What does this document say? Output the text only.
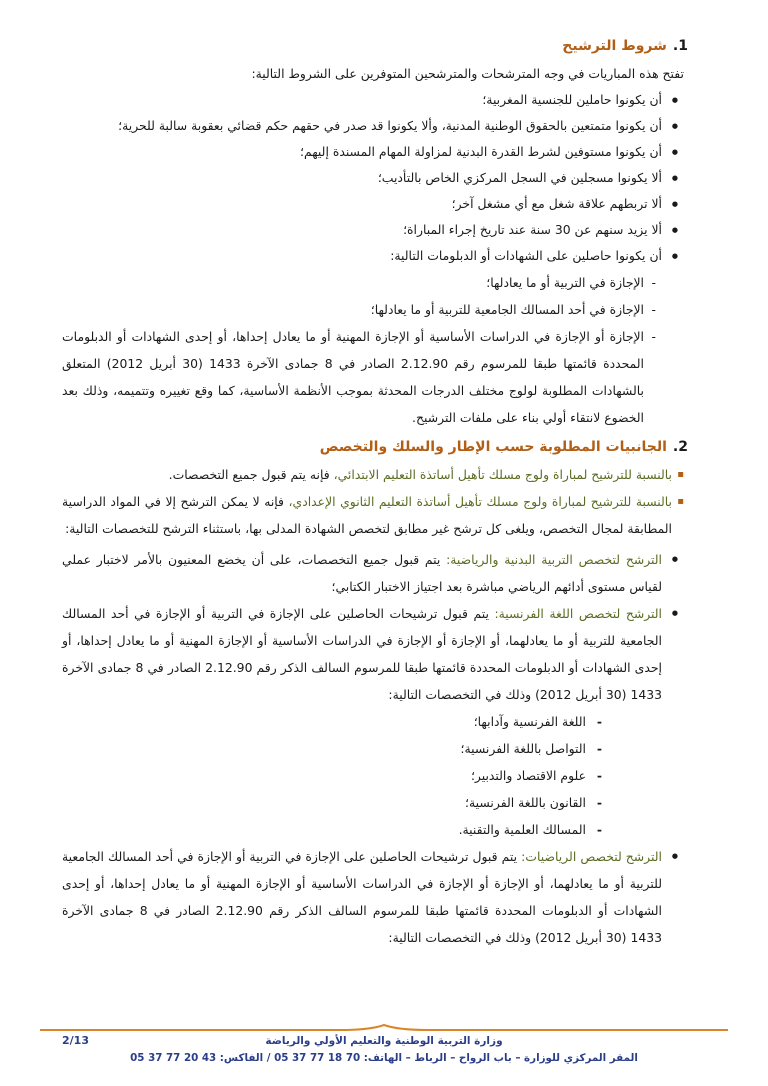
1.شروط الترشيح

تفتح هذه المباريات في وجه المترشحات والمترشحين المتوفرين على الشروط التالية:

● أن يكونوا حاملين للجنسية المغربية؛
● أن يكونوا متمتعين بالحقوق الوطنية المدنية، وألا يكونوا قد صدر في حقهم حكم قضائي بعقوبة سالبة للحرية؛
● أن يكونوا مستوفين لشرط القدرة البدنية لمزاولة المهام المسندة إليهم؛
● ألا يكونوا مسجلين في السجل المركزي الخاص بالتأديب؛
● ألا تربطهم علاقة شغل مع أي مشغل آخر؛
● ألا يزيد سنهم عن 30 سنة عند تاريخ إجراء المباراة؛
● أن يكونوا حاصلين على الشهادات أو الدبلومات التالية:
- الإجازة في التربية أو ما يعادلها؛
- الإجازة في أحد المسالك الجامعية للتربية أو ما يعادلها؛
- الإجازة أو الإجازة في الدراسات الأساسية أو الإجازة المهنية أو ما يعادل إحداها، أو إحدى الشهادات أو الدبلومات المحددة قائمتها طبقا للمرسوم رقم 2.12.90 الصادر في 8 جمادى الآخرة 1433 (30 أبريل 2012) المتعلق بالشهادات المطلوبة لولوج مختلف الدرجات المحدثة بموجب الأنظمة الأساسية، كما وقع تغييره وتتميمه، وذلك بعد الخضوع لانتقاء أولي بناء على ملفات الترشيح.
2.الجانبيات المطلوبة حسب الإطار والسلك والتخصص
▪ بالنسبة للترشيح لمباراة ولوج مسلك تأهيل أساتذة التعليم الابتدائي، فإنه يتم قبول جميع التخصصات.
▪ بالنسبة للترشيح لمباراة ولوج مسلك تأهيل أساتذة التعليم الثانوي الإعدادي، فإنه لا يمكن الترشح إلا في المواد الدراسية المطابقة لمجال التخصص، ويلغى كل ترشح غير مطابق لتخصص الشهادة المدلى بها، باستثناء الترشح للتخصصات التالية:
● الترشح لتخصص التربية البدنية والرياضية: يتم قبول جميع التخصصات، على أن يخضع المعنيون بالأمر لاختبار عملي لقياس مستوى أدائهم الرياضي مباشرة بعد اجتياز الاختبار الكتابي؛
● الترشح لتخصص اللغة الفرنسية: يتم قبول ترشيحات الحاصلين على الإجازة في التربية أو الإجازة في أحد المسالك الجامعية للتربية أو ما يعادلهما، أو الإجازة أو الإجازة في الدراسات الأساسية أو الإجازة المهنية أو ما يعادل إحداها، أو إحدى الشهادات أو الدبلومات المحددة قائمتها طبقا للمرسوم السالف الذكر رقم 2.12.90 الصادر في 8 جمادى الآخرة 1433 (30 أبريل 2012) وذلك في التخصصات التالية:
- اللغة الفرنسية وآدابها؛
- التواصل باللغة الفرنسية؛
- علوم الاقتصاد والتدبير؛
- القانون باللغة الفرنسية؛
- المسالك العلمية والتقنية.
● الترشح لتخصص الرياضيات: يتم قبول ترشيحات الحاصلين على الإجازة في التربية أو الإجازة في أحد المسالك الجامعية للتربية أو ما يعادلهما، أو الإجازة أو الإجازة في الدراسات الأساسية أو الإجازة المهنية أو ما يعادل إحداها، أو إحدى الشهادات أو الدبلومات المحددة قائمتها طبقا للمرسوم السالف الذكر رقم 2.12.90 الصادر في 8 جمادى الآخرة 1433 (30 أبريل 2012) وذلك في التخصصات التالية:
وزارة التربية الوطنية والتعليم الأولي والرياضة
المقر المركزي للوزارة – باب الرواح – الرباط – الهاتف: 70 18 77 37 05 / الفاكس: 43 20 77 37 05
2/13
